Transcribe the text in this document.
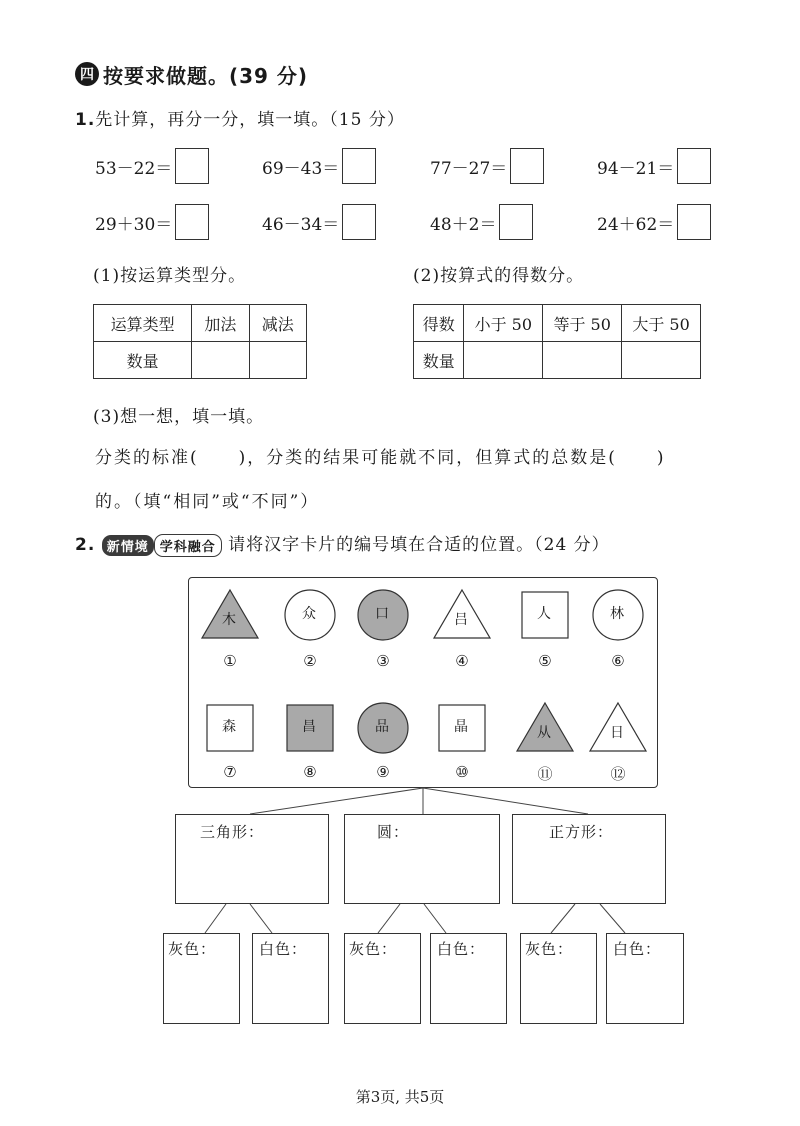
四 按要求做题。(39 分)
1.先计算，再分一分，填一填。（15 分）
53－22＝	69－43＝	77－27＝	94－21＝
29＋30＝	46－34＝	48＋2＝	24＋62＝
(1)按运算类型分。	(2)按算式的得数分。
运算类型	加法	减法
数量		
得数	小于 50	等于 50	大于 50
数量			
(3)想一想，填一填。
分类的标准( )，分类的结果可能就不同，但算式的总数是( )
的。（填“相同”或“不同”）
2. 新情境 学科融合 请将汉字卡片的编号填在合适的位置。（24 分）
木
①
众
②
口
③
吕
④
人
⑤
林
⑥
森
⑦
昌
⑧
品
⑨
晶
⑩
从
⑪
日
⑫
三角形：	圆：	正方形：
灰色：	白色：	灰色：	白色：	灰色：	白色：
第3页, 共5页
